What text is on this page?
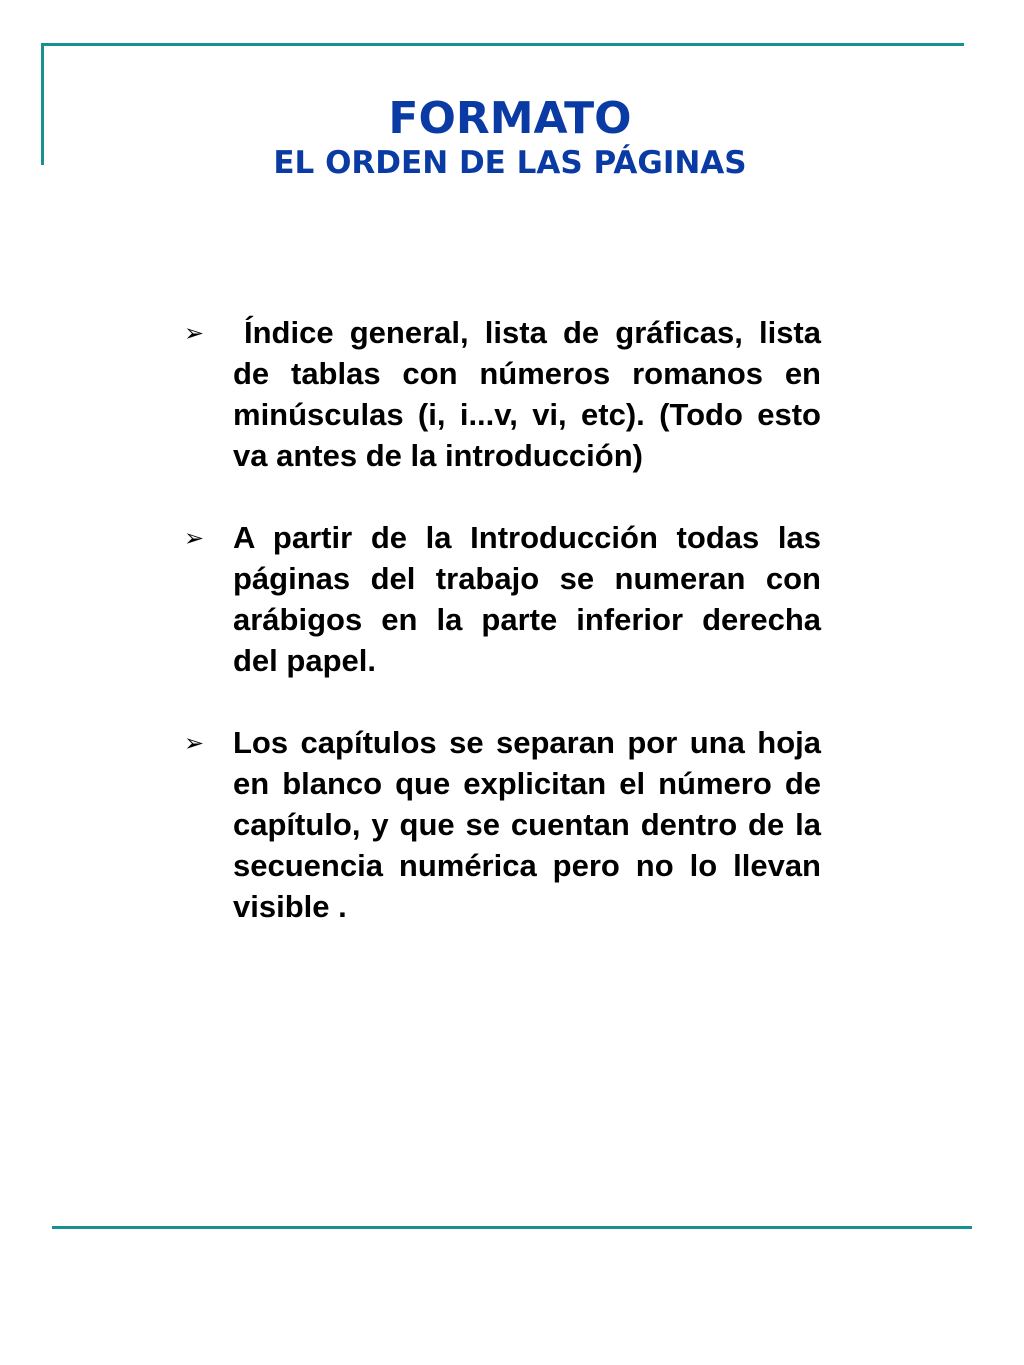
FORMATO
EL ORDEN DE LAS PÁGINAS
➢	Índice general, lista de gráficas, lista de tablas con números romanos en minúsculas (i, i...v, vi, etc). (Todo esto va antes de la introducción)

➢ A partir de la Introducción todas las páginas del trabajo se numeran con arábigos en la parte inferior derecha del papel.

➢ Los capítulos se separan por una hoja en blanco que explicitan el número de capítulo, y que se cuentan dentro de la secuencia numérica pero no lo llevan visible .
